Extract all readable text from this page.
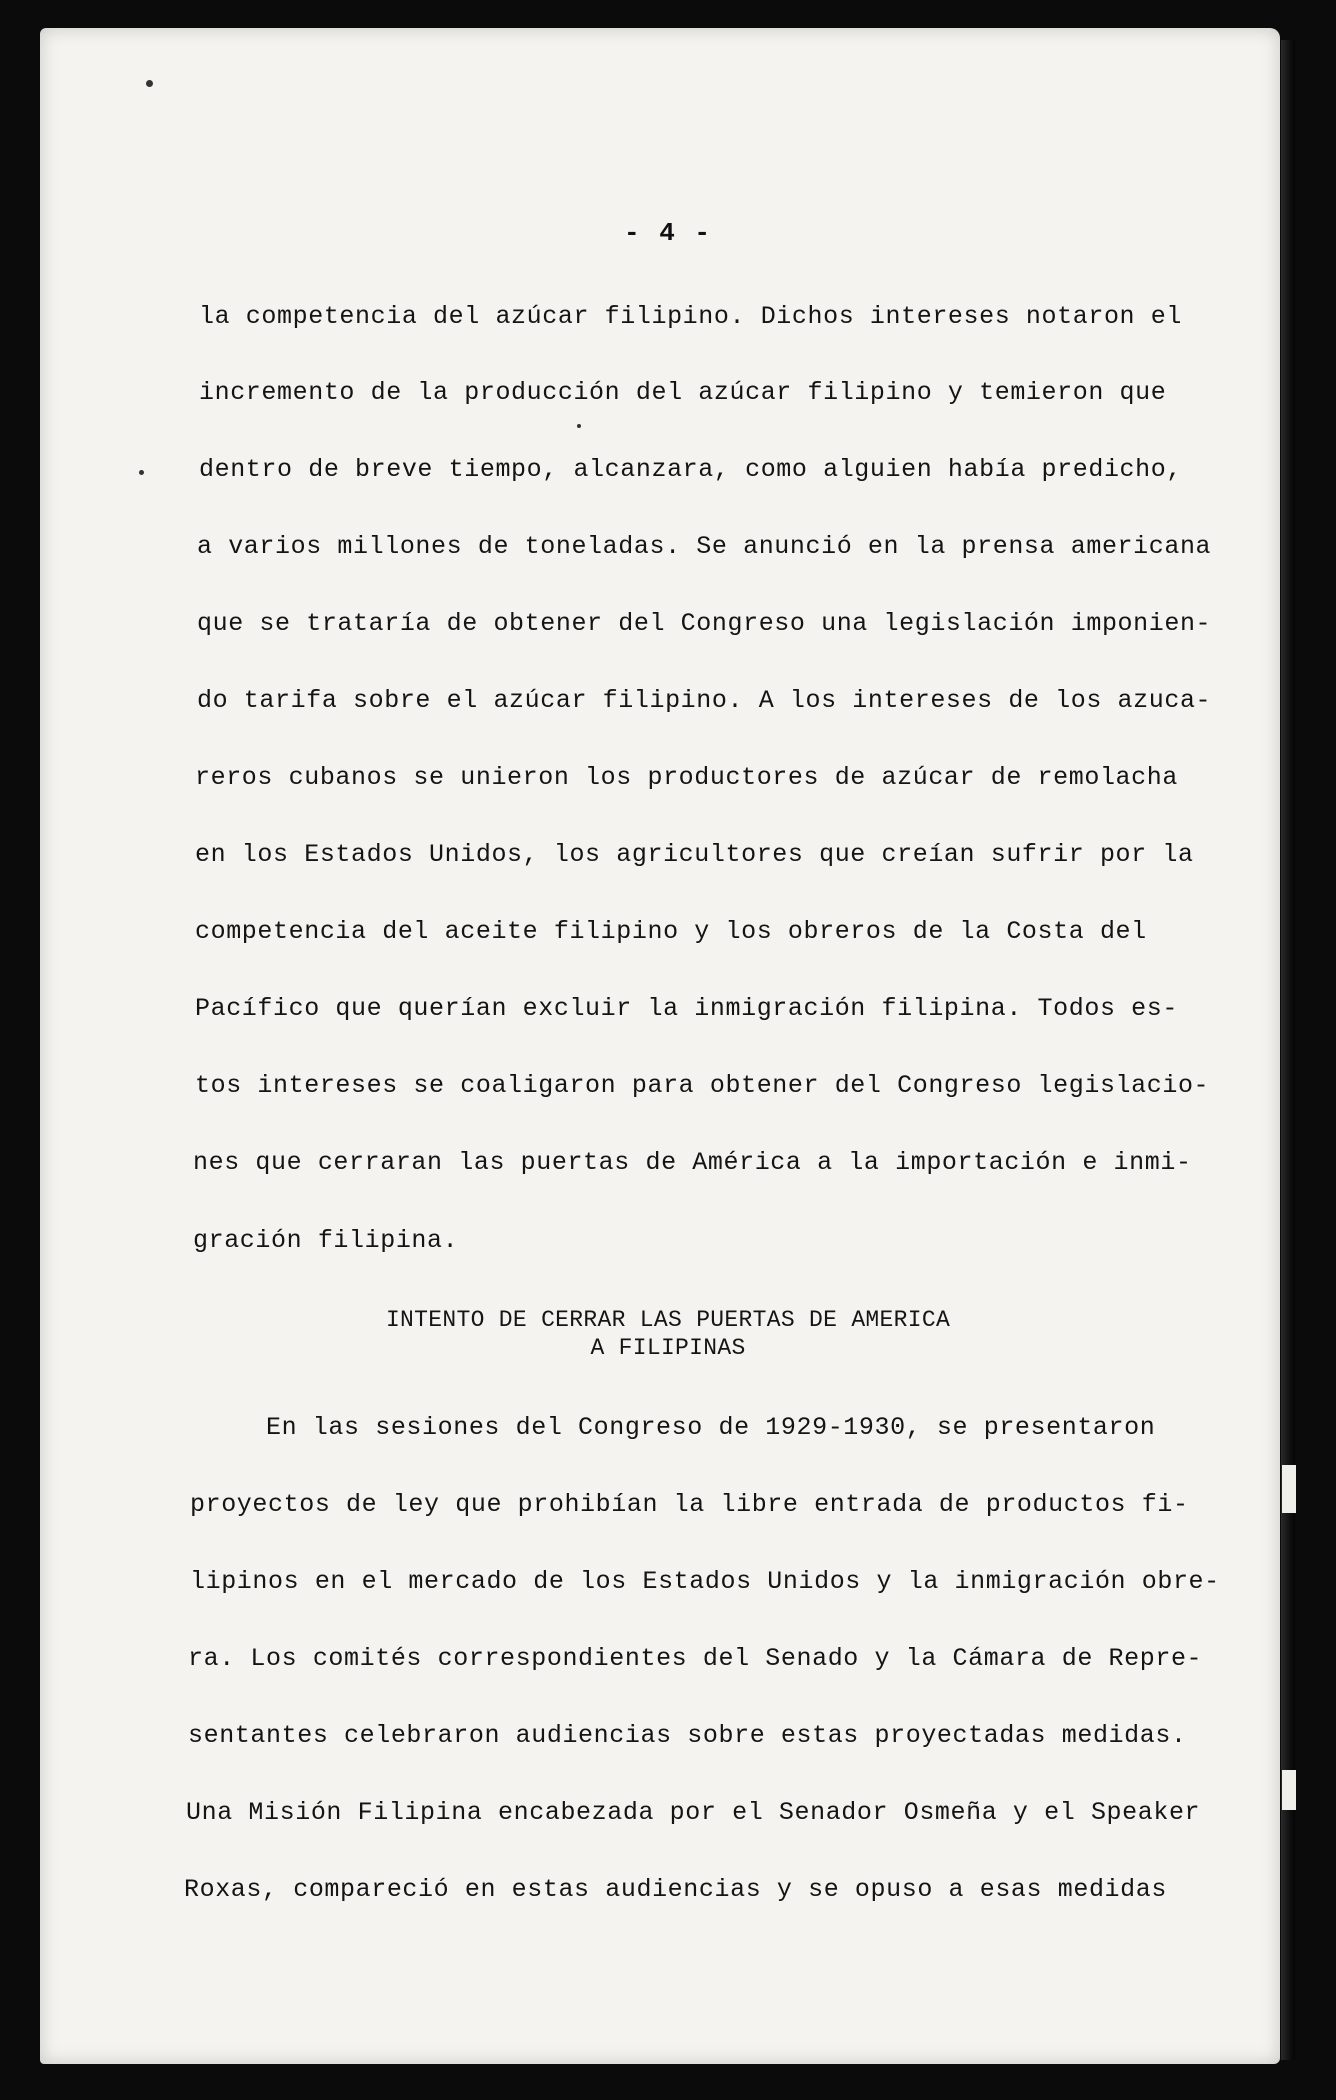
- 4 -
la competencia del azúcar filipino. Dichos intereses notaron el
incremento de la producción del azúcar filipino y temieron que
dentro de breve tiempo, alcanzara, como alguien había predicho,
a varios millones de toneladas. Se anunció en la prensa americana
que se trataría de obtener del Congreso una legislación imponien-
do tarifa sobre el azúcar filipino. A los intereses de los azuca-
reros cubanos se unieron los productores de azúcar de remolacha
en los Estados Unidos, los agricultores que creían sufrir por la
competencia del aceite filipino y los obreros de la Costa del
Pacífico que querían excluir la inmigración filipina. Todos es-
tos intereses se coaligaron para obtener del Congreso legislacio-
nes que cerraran las puertas de América a la importación e inmi-
gración filipina.
INTENTO DE CERRAR LAS PUERTAS DE AMERICA
A FILIPINAS
En las sesiones del Congreso de 1929-1930, se presentaron
proyectos de ley que prohibían la libre entrada de productos fi-
lipinos en el mercado de los Estados Unidos y la inmigración obre-
ra. Los comités correspondientes del Senado y la Cámara de Repre-
sentantes celebraron audiencias sobre estas proyectadas medidas.
Una Misión Filipina encabezada por el Senador Osmeña y el Speaker
Roxas, compareció en estas audiencias y se opuso a esas medidas
